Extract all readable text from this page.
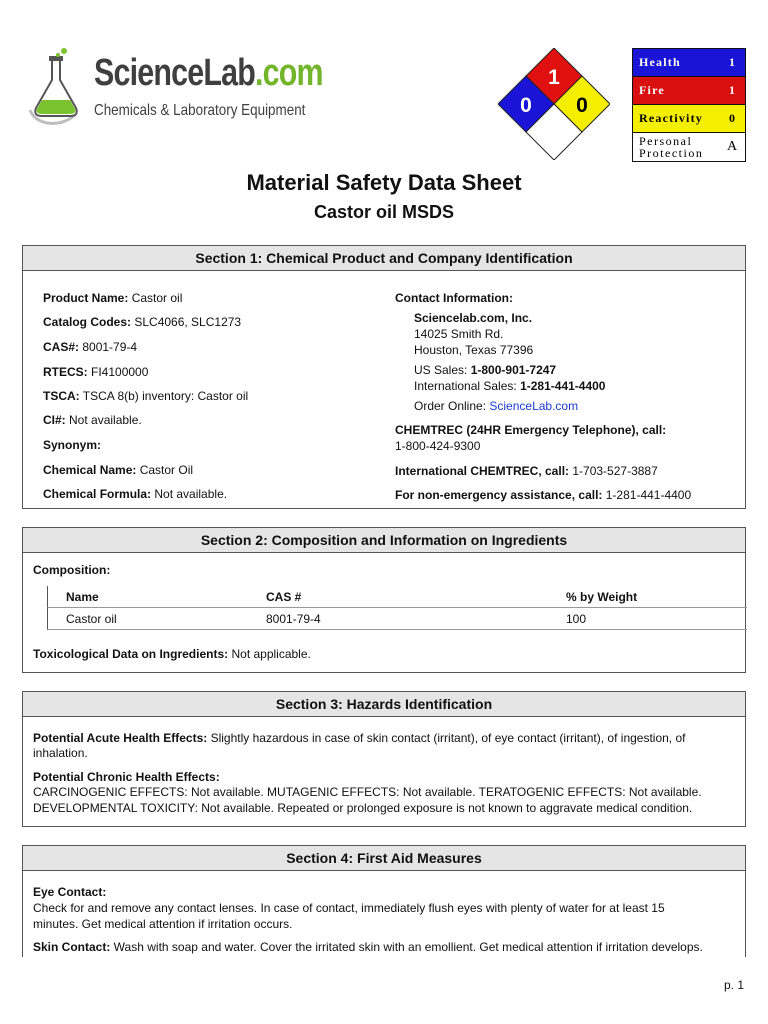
ScienceLab.com
Chemicals & Laboratory Equipment
1
0 0
Health	1
Fire	1
Reactivity	0
Personal
Protection	A
Material Safety Data Sheet
Castor oil MSDS
Section 1: Chemical Product and Company Identification

Product Name: Castor oil

Catalog Codes: SLC4066, SLC1273

CAS#: 8001-79-4

RTECS: FI4100000

TSCA: TSCA 8(b) inventory: Castor oil

CI#: Not available.

Synonym:

Chemical Name: Castor Oil

Chemical Formula: Not available.

Contact Information:

Sciencelab.com, Inc.

14025 Smith Rd.

Houston, Texas 77396

US Sales: 1-800-901-7247

International Sales: 1-281-441-4400

Order Online: ScienceLab.com

CHEMTREC (24HR Emergency Telephone), call:

1-800-424-9300

International CHEMTREC, call: 1-703-527-3887

For non-emergency assistance, call: 1-281-441-4400

Section 2: Composition and Information on Ingredients

Composition:

Name	CAS #	% by Weight
Castor oil	8001-79-4	100

Toxicological Data on Ingredients: Not applicable.

Section 3: Hazards Identification

Potential Acute Health Effects: Slightly hazardous in case of skin contact (irritant), of eye contact (irritant), of ingestion, of

inhalation.

Potential Chronic Health Effects:

CARCINOGENIC EFFECTS: Not available. MUTAGENIC EFFECTS: Not available. TERATOGENIC EFFECTS: Not available.

DEVELOPMENTAL TOXICITY: Not available. Repeated or prolonged exposure is not known to aggravate medical condition.

Section 4: First Aid Measures

Eye Contact:

Check for and remove any contact lenses. In case of contact, immediately flush eyes with plenty of water for at least 15

minutes. Get medical attention if irritation occurs.

Skin Contact: Wash with soap and water. Cover the irritated skin with an emollient. Get medical attention if irritation develops.

p. 1
